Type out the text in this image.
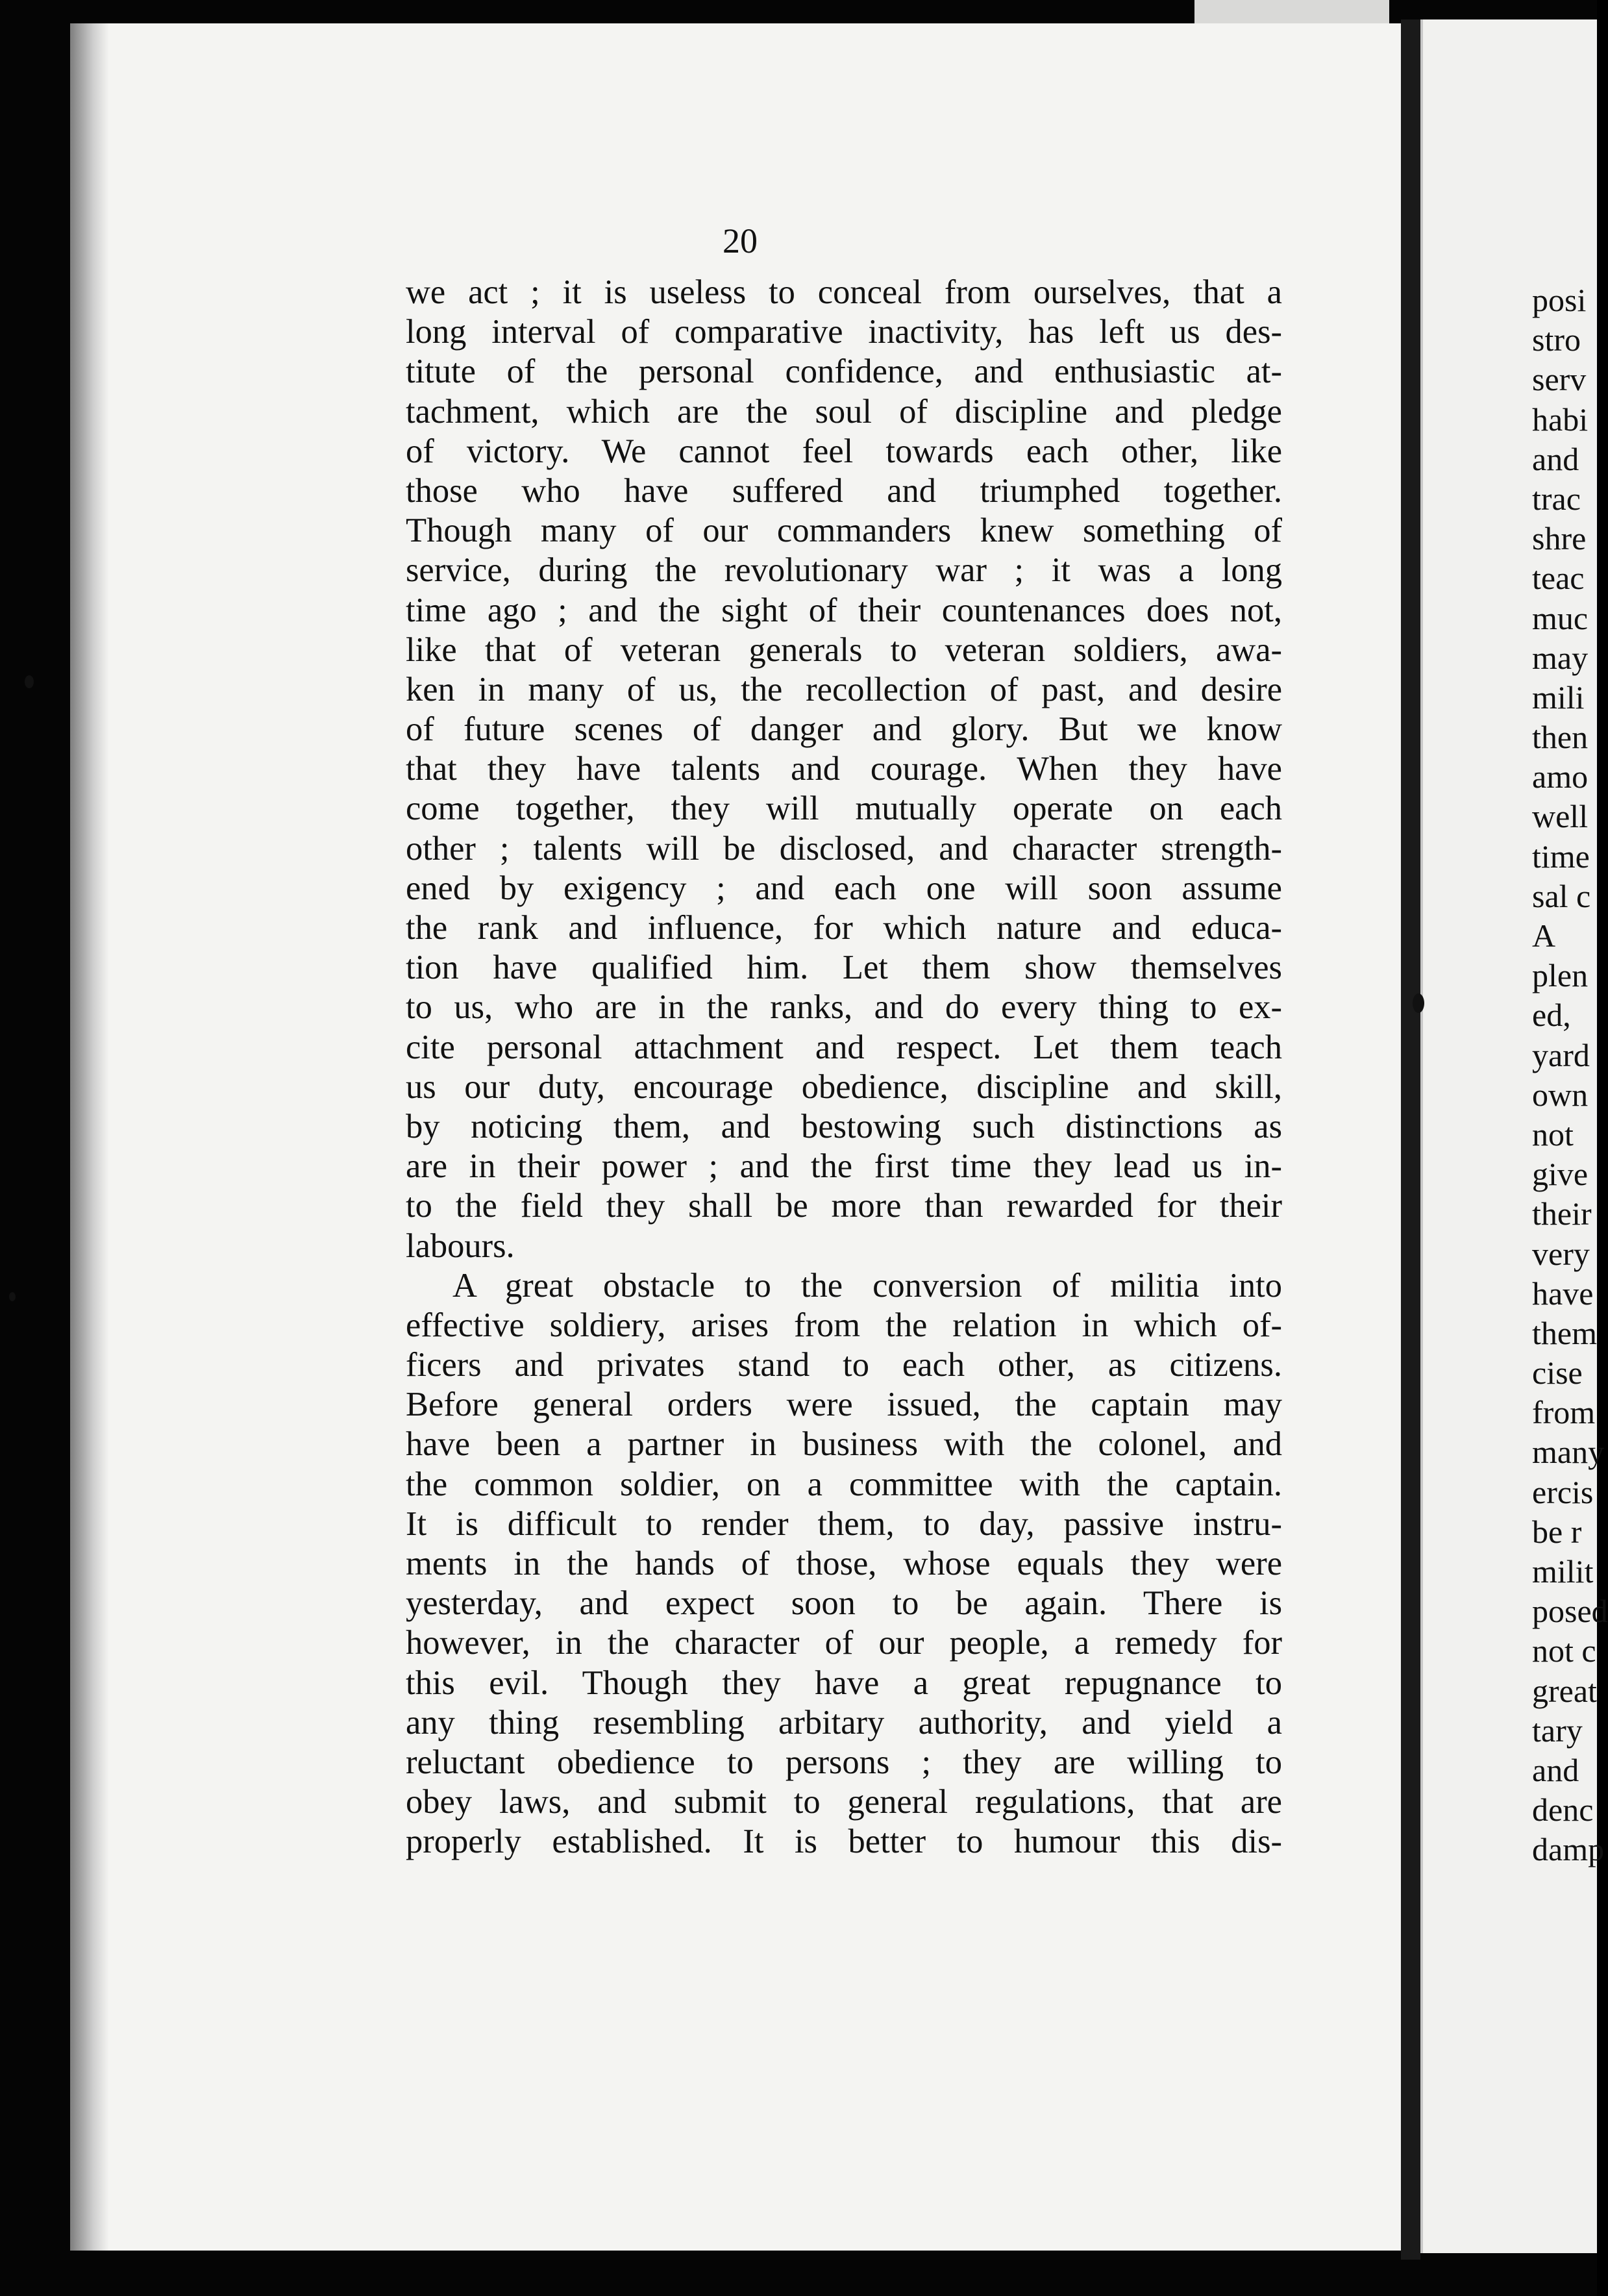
20
we act ; it is useless to conceal from ourselves, that a
long interval of comparative inactivity, has left us des-
titute of the personal confidence, and enthusiastic at-
tachment, which are the soul of discipline and pledge
of victory. We cannot feel towards each other, like
those who have suffered and triumphed together.
Though many of our commanders knew something of
service, during the revolutionary war ; it was a long
time ago ; and the sight of their countenances does not,
like that of veteran generals to veteran soldiers, awa-
ken in many of us, the recollection of past, and desire
of future scenes of danger and glory. But we know
that they have talents and courage. When they have
come together, they will mutually operate on each
other ; talents will be disclosed, and character strength-
ened by exigency ; and each one will soon assume
the rank and influence, for which nature and educa-
tion have qualified him. Let them show themselves
to us, who are in the ranks, and do every thing to ex-
cite personal attachment and respect. Let them teach
us our duty, encourage obedience, discipline and skill,
by noticing them, and bestowing such distinctions as
are in their power ; and the first time they lead us in-
to the field they shall be more than rewarded for their
labours.
A great obstacle to the conversion of militia into
effective soldiery, arises from the relation in which of-
ficers and privates stand to each other, as citizens.
Before general orders were issued, the captain may
have been a partner in business with the colonel, and
the common soldier, on a committee with the captain.
It is difficult to render them, to day, passive instru-
ments in the hands of those, whose equals they were
yesterday, and expect soon to be again. There is
however, in the character of our people, a remedy for
this evil. Though they have a great repugnance to
any thing resembling arbitary authority, and yield a
reluctant obedience to persons ; they are willing to
obey laws, and submit to general regulations, that are
properly established. It is better to humour this dis-
posi
stro
serv
habi
and
trac
shre
teac
muc
may
mili
then
amo
well
time
sal c
A
plen
ed,
yard
own
not
give
their
very
have
them
cise
from
many
ercis
be r
milit
posed
not c
great
tary
and
denc
damp
